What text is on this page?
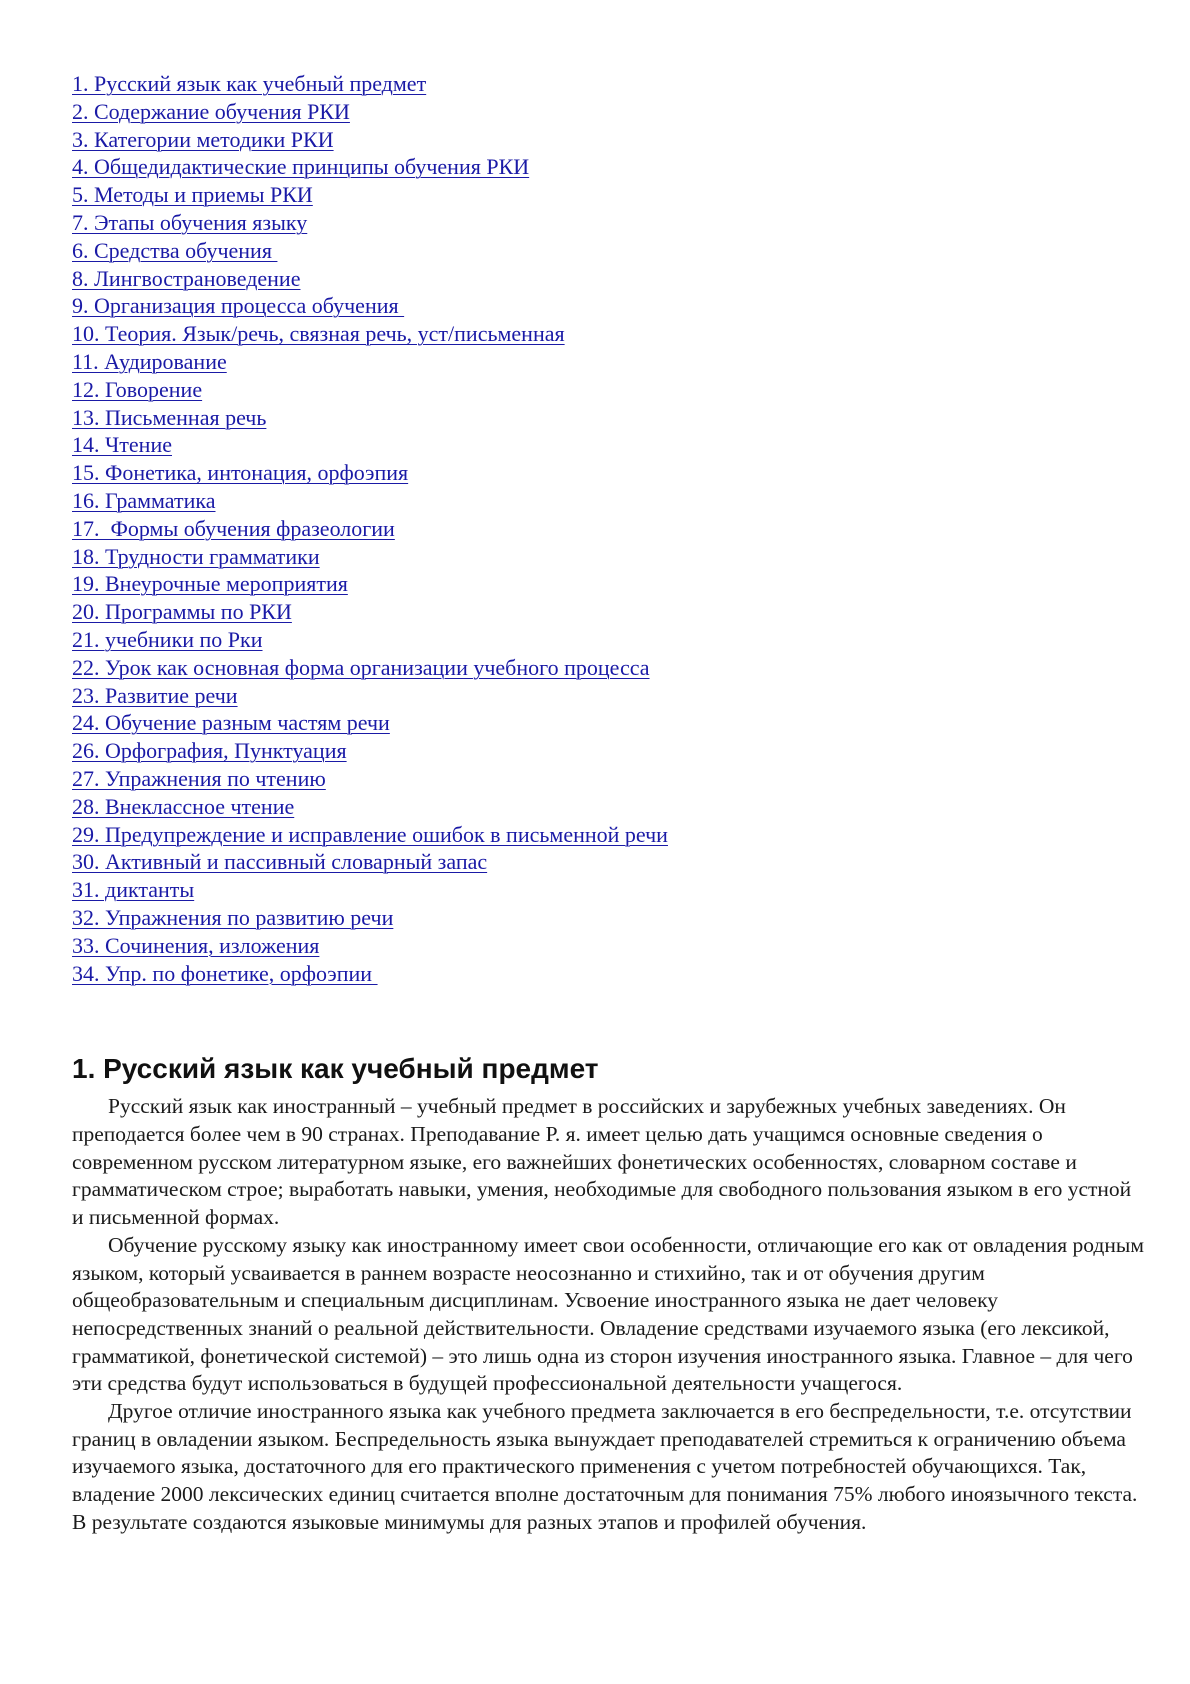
1. Русский язык как учебный предмет
2. Содержание обучения РКИ
3. Категории методики РКИ
4. Общедидактические принципы обучения РКИ
5. Методы и приемы РКИ
7. Этапы обучения языку
6. Средства обучения
8. Лингвострановедение
9. Организация процесса обучения
10. Теория. Язык/речь, связная речь, уст/письменная
11. Аудирование
12. Говорение
13. Письменная речь
14. Чтение
15. Фонетика, интонация, орфоэпия
16. Грамматика
17.  Формы обучения фразеологии
18. Трудности грамматики
19. Внеурочные мероприятия
20. Программы по РКИ
21. учебники по Рки
22. Урок как основная форма организации учебного процесса
23. Развитие речи
24. Обучение разным частям речи
26. Орфография, Пунктуация
27. Упражнения по чтению
28. Внеклассное чтение
29. Предупреждение и исправление ошибок в письменной речи
30. Активный и пассивный словарный запас
31. диктанты
32. Упражнения по развитию речи
33. Сочинения, изложения
34. Упр. по фонетике, орфоэпии
1. Русский язык как учебный предмет

Русский язык как иностранный – учебный предмет в российских и зарубежных учебных заведениях. Он преподается более чем в 90 странах. Преподавание Р. я. имеет целью дать учащимся основные сведения о современном русском литературном языке, его важнейших фонетических особенностях, словарном составе и грамматическом строе; выработать навыки, умения, необходимые для свободного пользования языком в его устной и письменной формах.

Обучение русскому языку как иностранному имеет свои особенности, отличающие его как от овладения родным языком, который усваивается в раннем возрасте неосознанно и стихийно, так и от обучения другим общеобразовательным и специальным дисциплинам. Усвоение иностранного языка не дает человеку непосредственных знаний о реальной действительности. Овладение средствами изучаемого языка (его лексикой, грамматикой, фонетической системой) – это лишь одна из сторон изучения иностранного языка. Главное – для чего эти средства будут использоваться в будущей профессиональной деятельности учащегося.

Другое отличие иностранного языка как учебного предмета заключается в его беспредельности, т.е. отсутствии границ в овладении языком. Беспредельность языка вынуждает преподавателей стремиться к ограничению объема изучаемого языка, достаточного для его практического применения с учетом потребностей обучающихся. Так, владение 2000 лексических единиц считается вполне достаточным для понимания 75% любого иноязычного текста. В результате создаются языковые минимумы для разных этапов и профилей обучения.
